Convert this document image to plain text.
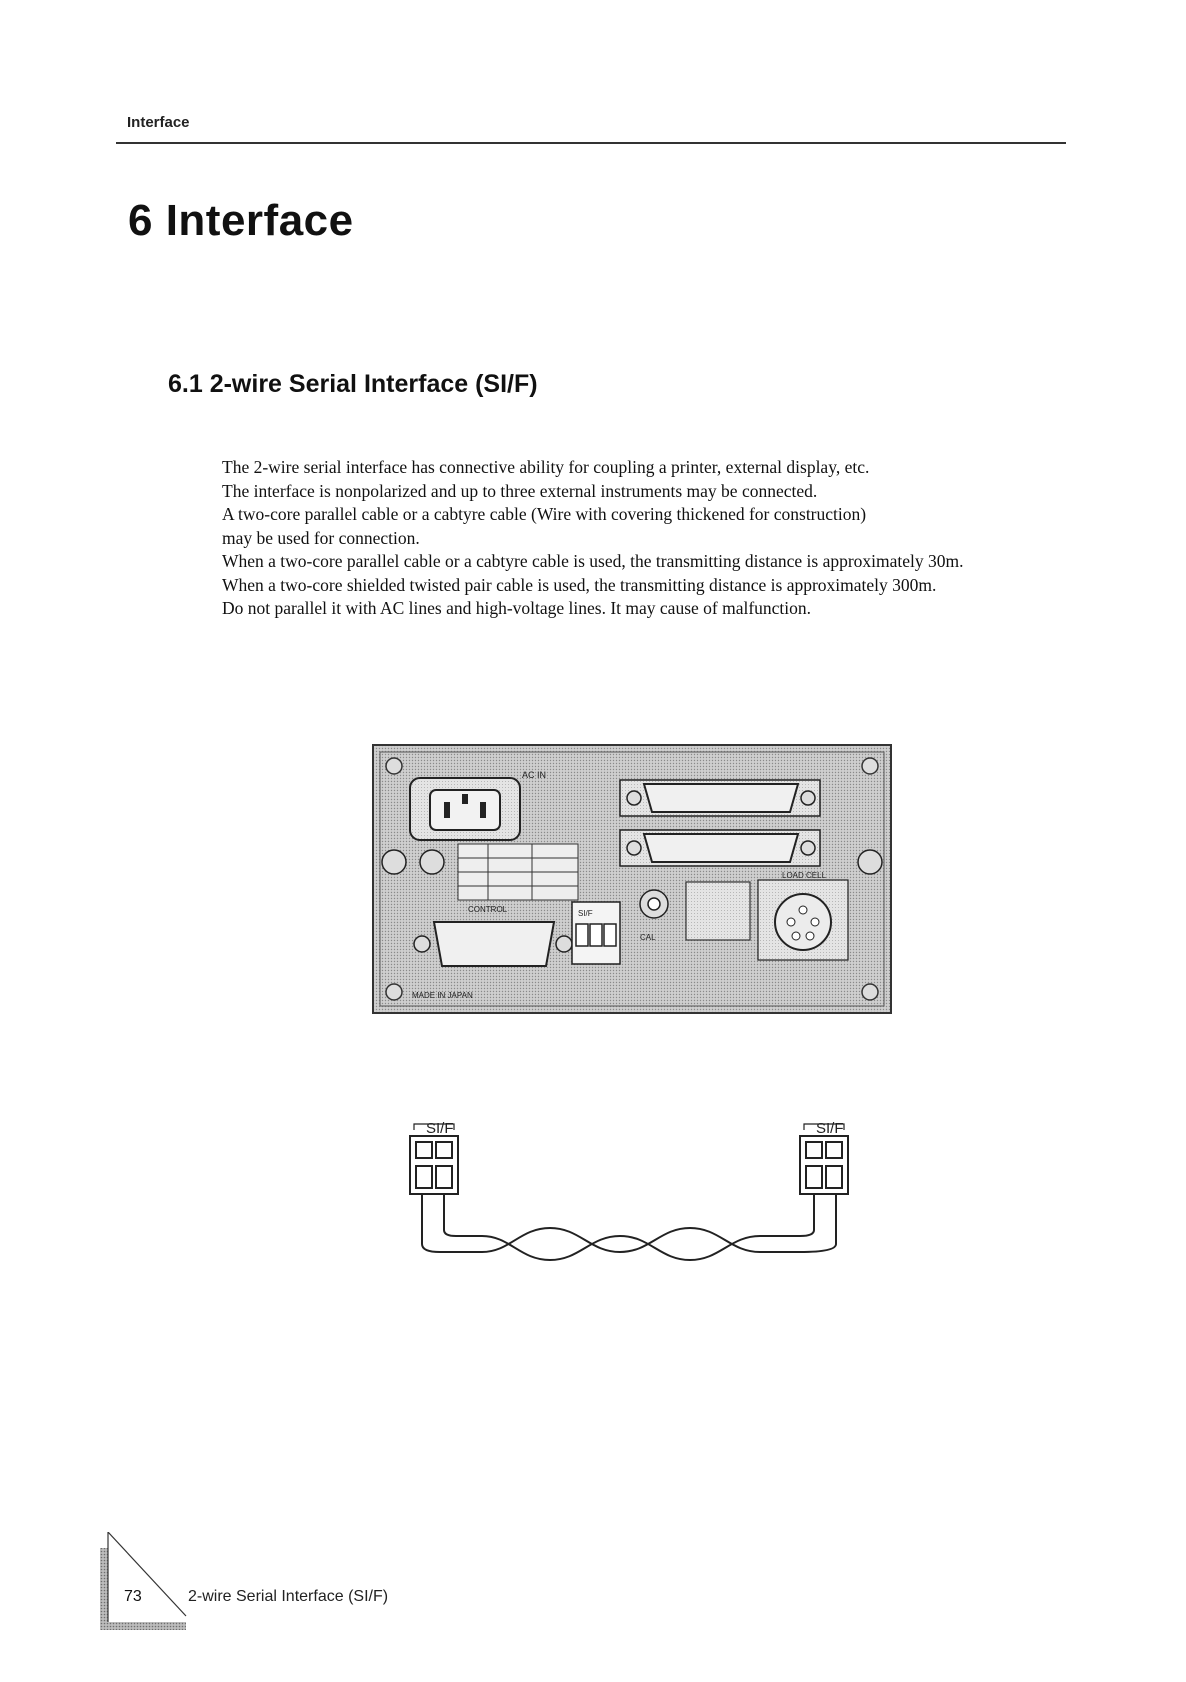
Interface
6 Interface
6.1 2-wire Serial Interface (SI/F)

The 2-wire serial interface has connective ability for coupling a printer, external display, etc.

The interface is nonpolarized and up to three external instruments may be connected.

A two-core parallel cable or a cabtyre cable (Wire with covering thickened for construction)

may be used for connection.

When a two-core parallel cable or a cabtyre cable is used, the transmitting distance is approximately 30m.

When a two-core shielded twisted pair cable is used, the transmitting distance is approximately 300m.

Do not parallel it with AC lines and high-voltage lines. It may cause of malfunction.

AC IN
CONTROL	SI/F
CAL
LOAD CELL
MADE IN JAPAN
SI/F	SI/F
73	2-wire Serial Interface (SI/F)
